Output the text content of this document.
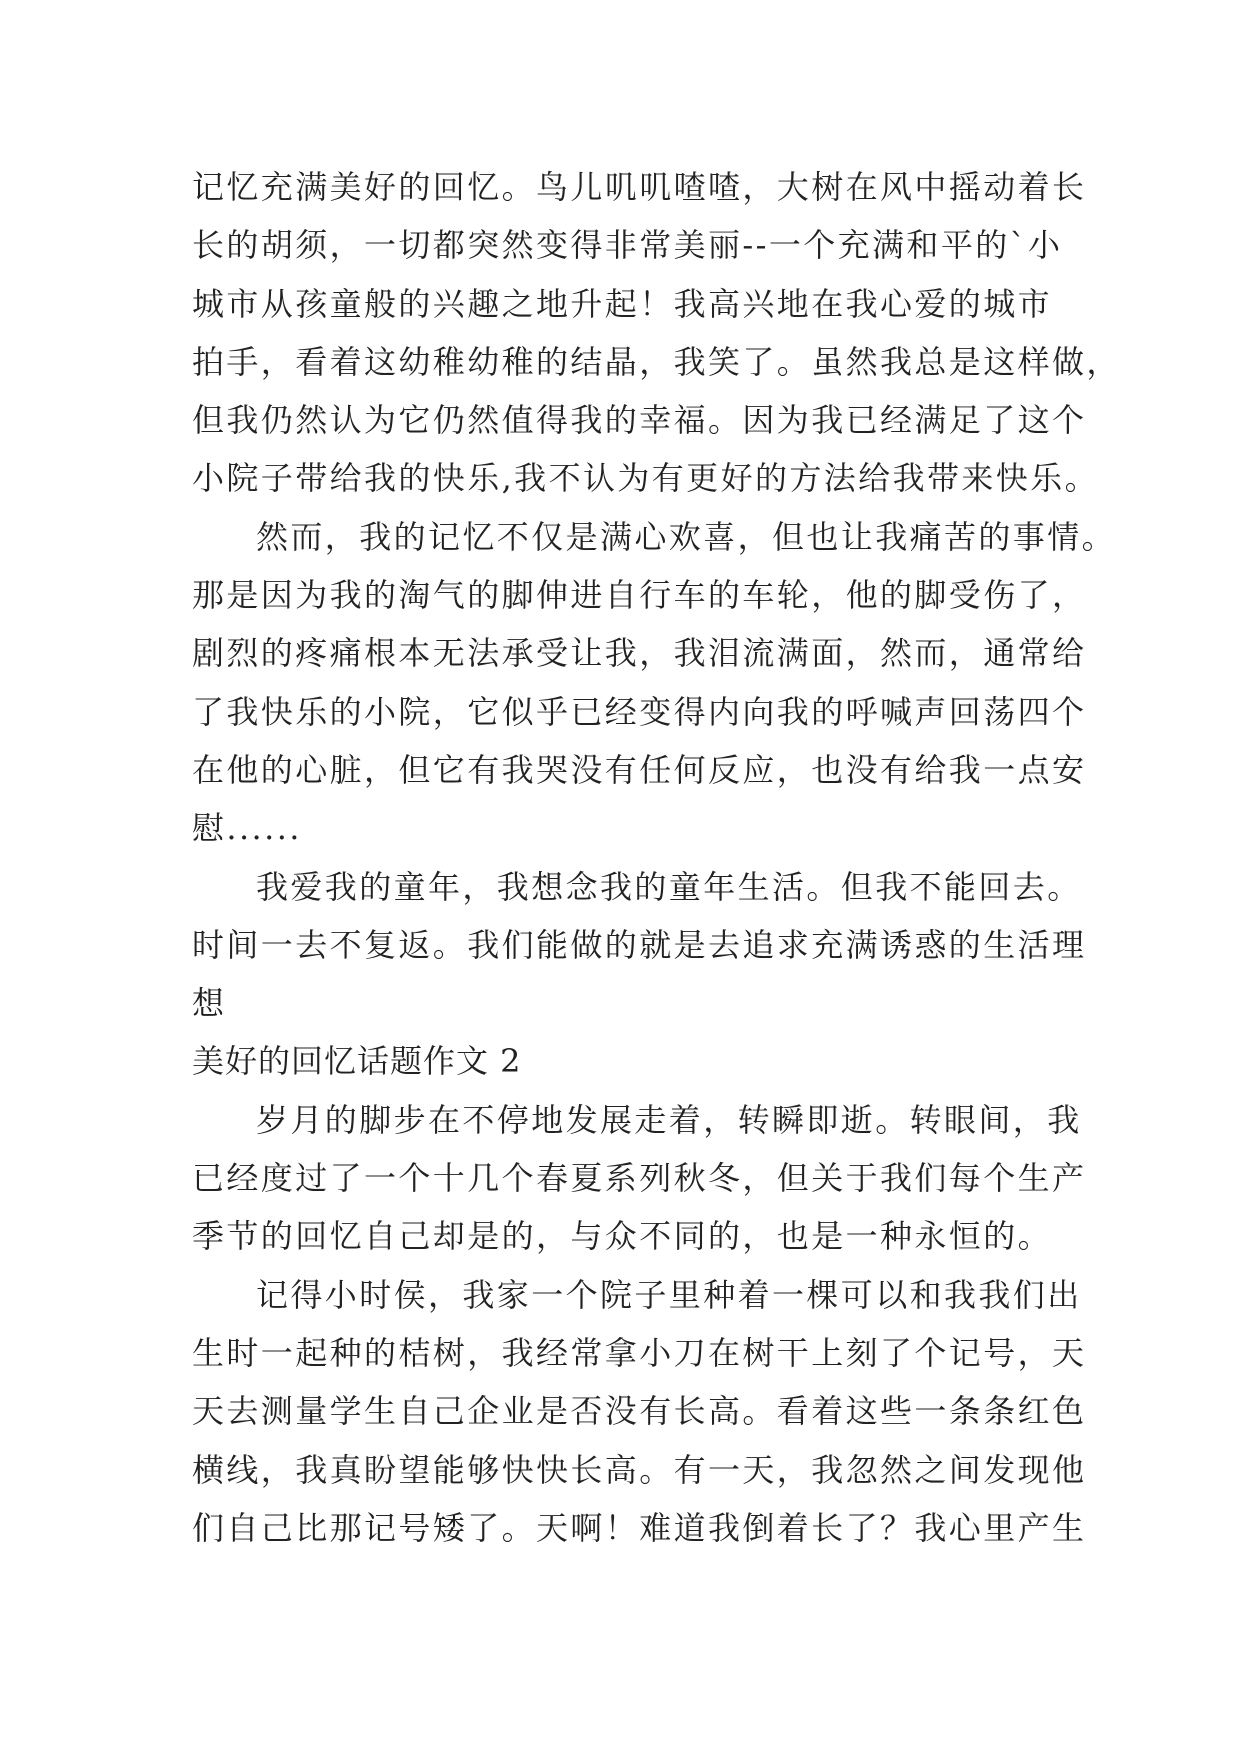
记忆充满美好的回忆。鸟儿叽叽喳喳，大树在风中摇动着长
长的胡须，一切都突然变得非常美丽--一个充满和平的`小
城市从孩童般的兴趣之地升起！我高兴地在我心爱的城市
拍手，看着这幼稚幼稚的结晶，我笑了。虽然我总是这样做，
但我仍然认为它仍然值得我的幸福。因为我已经满足了这个
小院子带给我的快乐,我不认为有更好的方法给我带来快乐。
然而，我的记忆不仅是满心欢喜，但也让我痛苦的事情。
那是因为我的淘气的脚伸进自行车的车轮，他的脚受伤了，
剧烈的疼痛根本无法承受让我，我泪流满面，然而，通常给
了我快乐的小院，它似乎已经变得内向我的呼喊声回荡四个
在他的心脏，但它有我哭没有任何反应，也没有给我一点安
慰......
我爱我的童年，我想念我的童年生活。但我不能回去。
时间一去不复返。我们能做的就是去追求充满诱惑的生活理
想
美好的回忆话题作文 2
岁月的脚步在不停地发展走着，转瞬即逝。转眼间，我
已经度过了一个十几个春夏系列秋冬，但关于我们每个生产
季节的回忆自己却是的，与众不同的，也是一种永恒的。
记得小时侯，我家一个院子里种着一棵可以和我我们出
生时一起种的桔树，我经常拿小刀在树干上刻了个记号，天
天去测量学生自己企业是否没有长高。看着这些一条条红色
横线，我真盼望能够快快长高。有一天，我忽然之间发现他
们自己比那记号矮了。天啊！难道我倒着长了？我心里产生
